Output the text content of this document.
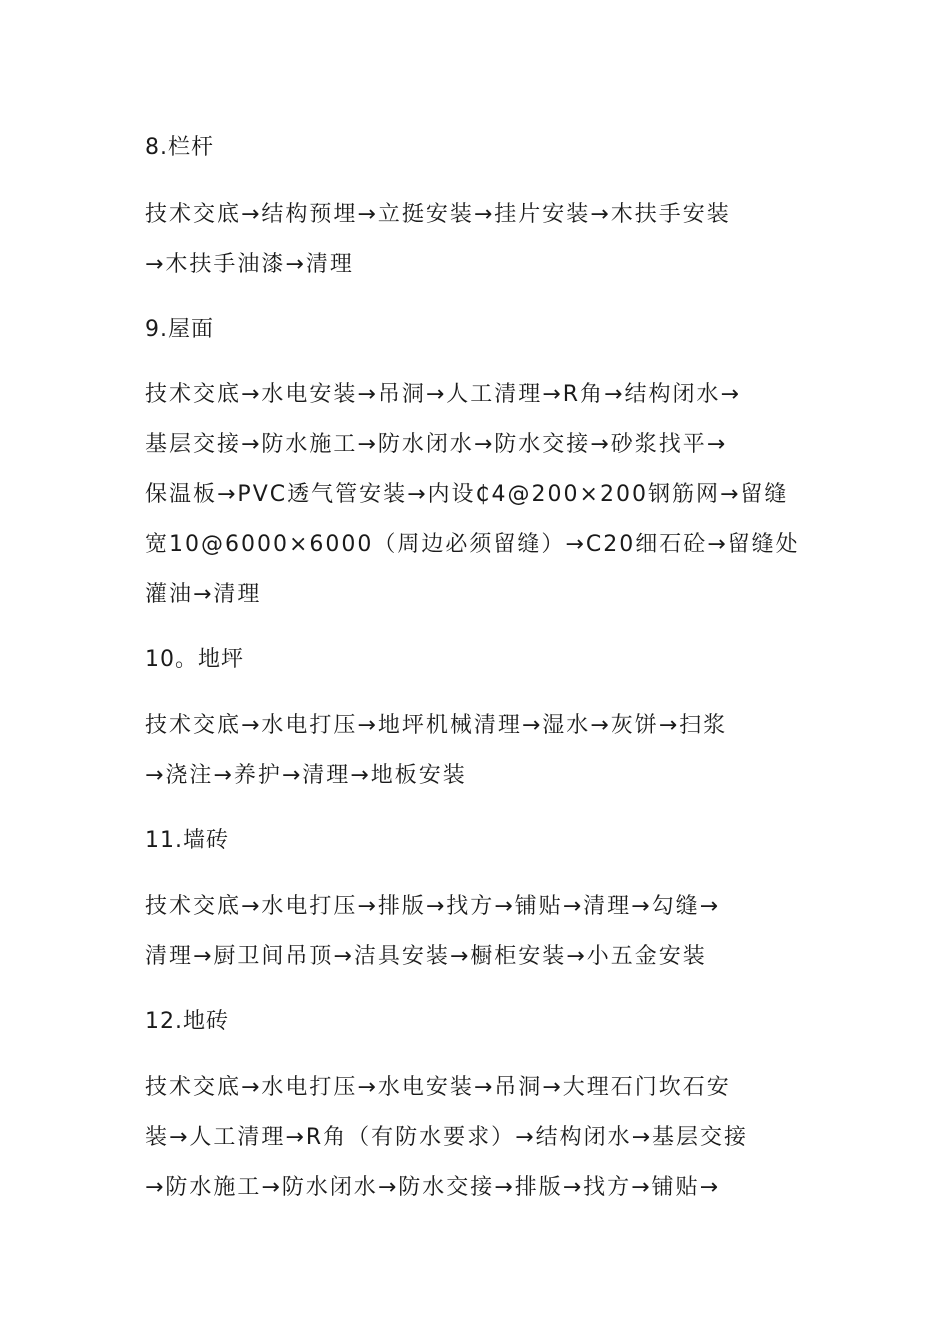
8.栏杆
技术交底→结构预埋→立挺安装→挂片安装→木扶手安装
→木扶手油漆→清理
9.屋面
技术交底→水电安装→吊洞→人工清理→R角→结构闭水→
基层交接→防水施工→防水闭水→防水交接→砂浆找平→
保温板→PVC透气管安装→内设₵4@200×200钢筋网→留缝
宽10@6000×6000（周边必须留缝）→C20细石砼→留缝处
灌油→清理
10。地坪
技术交底→水电打压→地坪机械清理→湿水→灰饼→扫浆
→浇注→养护→清理→地板安装
11.墙砖
技术交底→水电打压→排版→找方→铺贴→清理→勾缝→
清理→厨卫间吊顶→洁具安装→橱柜安装→小五金安装
12.地砖
技术交底→水电打压→水电安装→吊洞→大理石门坎石安
装→人工清理→R角（有防水要求）→结构闭水→基层交接
→防水施工→防水闭水→防水交接→排版→找方→铺贴→
